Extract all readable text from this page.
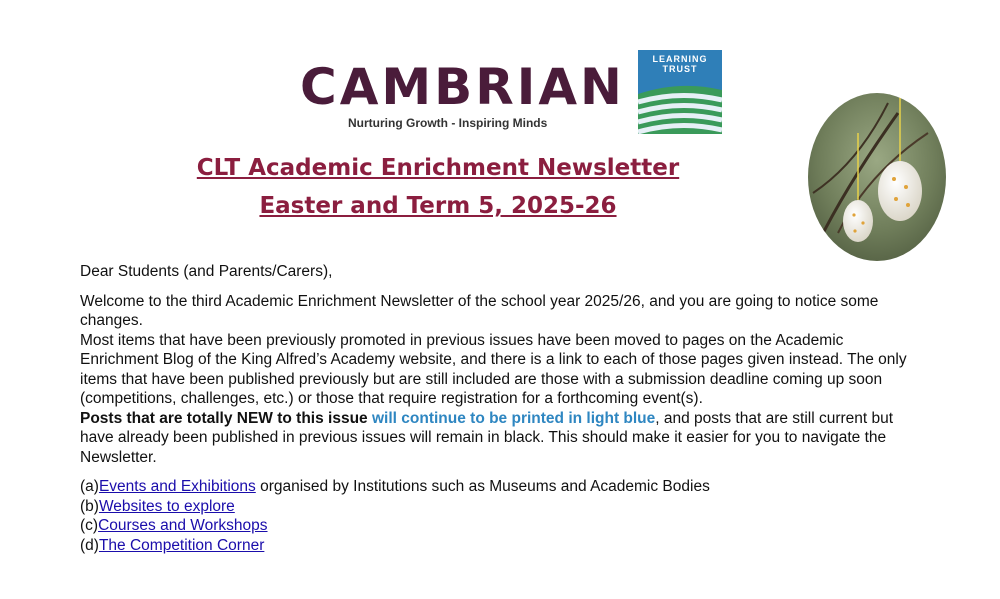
CAMBRIAN
Nurturing Growth - Inspiring Minds
LEARNING
TRUST
CLT Academic Enrichment Newsletter
Easter and Term 5, 2025-26

Dear Students (and Parents/Carers),

Welcome to the third Academic Enrichment Newsletter of the school year 2025/26, and you are going to notice some changes.

Most items that have been previously promoted in previous issues have been moved to pages on the Academic Enrichment Blog of the King Alfred’s Academy website, and there is a link to each of those pages given instead. The only items that have been published previously but are still included are those with a submission deadline coming up soon (competitions, challenges, etc.) or those that require registration for a forthcoming event(s).

Posts that are totally NEW to this issue will continue to be printed in light blue, and posts that are still current but have already been published in previous issues will remain in black. This should make it easier for you to navigate the Newsletter.

(a)Events and Exhibitions organised by Institutions such as Museums and Academic Bodies
(b)Websites to explore
(c)Courses and Workshops
(d)The Competition Corner
